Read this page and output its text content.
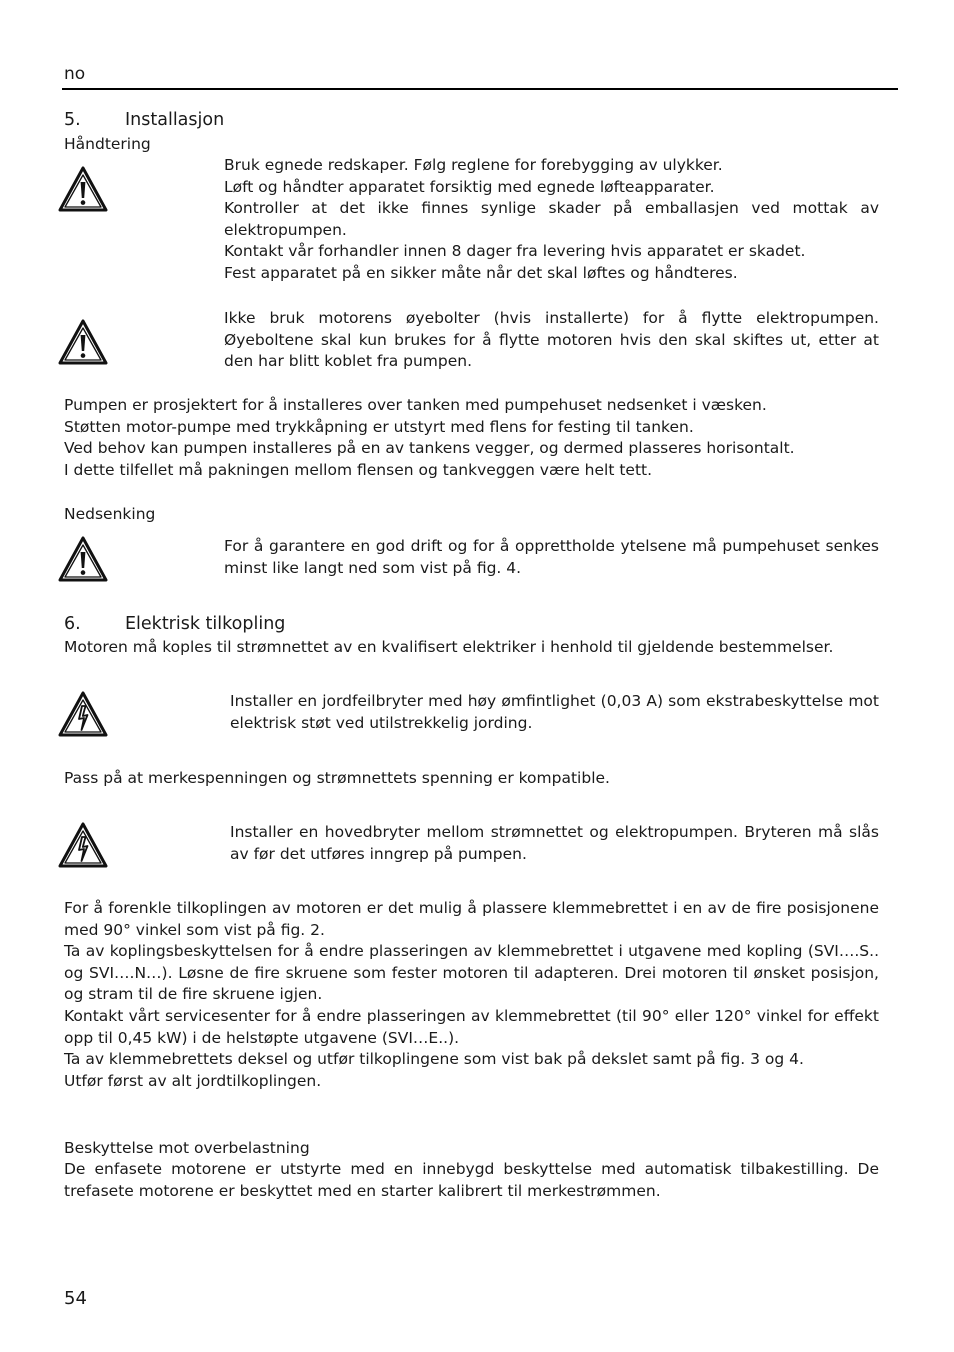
no
5.	Installasjon
Håndtering

Bruk egnede redskaper. Følg reglene for forebygging av ulykker.

Løft og håndter apparatet forsiktig med egnede løfteapparater.

Kontroller at det ikke finnes synlige skader på emballasjen ved mottak av elektropumpen.

Kontakt vår forhandler innen 8 dager fra levering hvis apparatet er skadet.

Fest apparatet på en sikker måte når det skal løftes og håndteres.

Ikke bruk motorens øyebolter (hvis installerte) for å flytte elektropumpen. Øyeboltene skal kun brukes for å flytte motoren hvis den skal skiftes ut, etter at den har blitt koblet fra pumpen.

Pumpen er prosjektert for å installeres over tanken med pumpehuset nedsenket i væsken.

Støtten motor-pumpe med trykkåpning er utstyrt med flens for festing til tanken.

Ved behov kan pumpen installeres på en av tankens vegger, og dermed plasseres horisontalt.

I dette tilfellet må pakningen mellom flensen og tankveggen være helt tett.

Nedsenking

For å garantere en god drift og for å opprettholde ytelsene må pumpehuset senkes minst like langt ned som vist på fig. 4.

6.	Elektrisk tilkopling

Motoren må koples til strømnettet av en kvalifisert elektriker i henhold til gjeldende bestemmelser.

Installer en jordfeilbryter med høy ømfintlighet (0,03 A) som ekstrabeskyttelse mot elektrisk støt ved utilstrekkelig jording.

Pass på at merkespenningen og strømnettets spenning er kompatible.

Installer en hovedbryter mellom strømnettet og elektropumpen. Bryteren må slås av før det utføres inngrep på pumpen.

For å forenkle tilkoplingen av motoren er det mulig å plassere klemmebrettet i en av de fire posisjonene med 90° vinkel som vist på fig. 2.

Ta av koplingsbeskyttelsen for å endre plasseringen av klemmebrettet i utgavene med kopling (SVI….S.. og SVI….N…). Løsne de fire skruene som fester motoren til adapteren. Drei motoren til ønsket posisjon, og stram til de fire skruene igjen.

Kontakt vårt servicesenter for å endre plasseringen av klemmebrettet (til 90° eller 120° vinkel for effekt opp til 0,45 kW) i de helstøpte utgavene (SVI…E..).

Ta av klemmebrettets deksel og utfør tilkoplingene som vist bak på dekslet samt på fig. 3 og 4.

Utfør først av alt jordtilkoplingen.

Beskyttelse mot overbelastning

De enfasete motorene er utstyrte med en innebygd beskyttelse med automatisk tilbakestilling. De trefasete motorene er beskyttet med en starter kalibrert til merkestrømmen.

54
